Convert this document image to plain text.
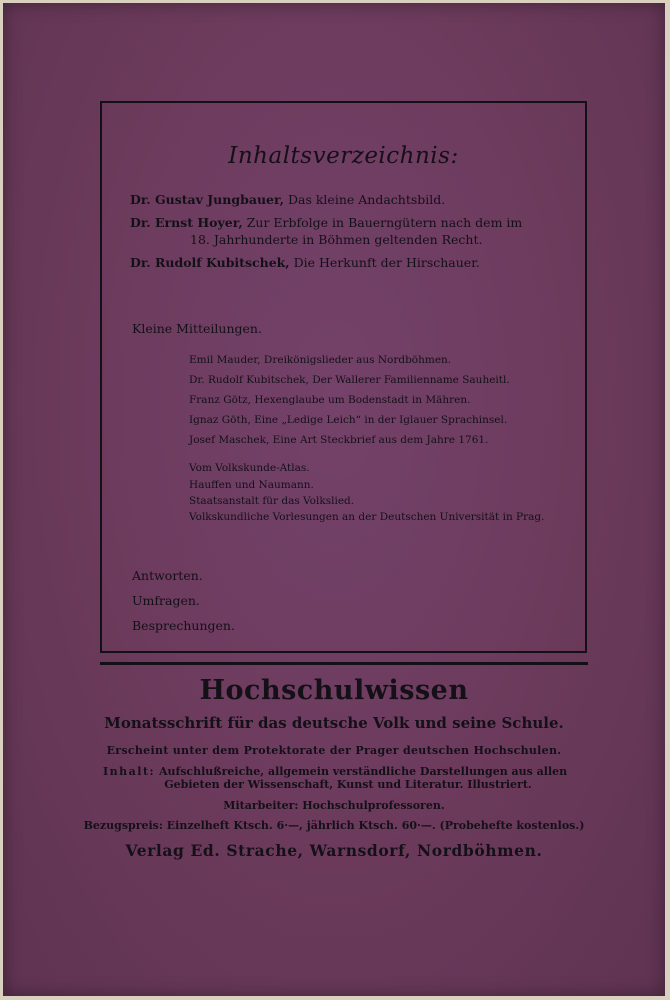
Inhaltsverzeichnis:
Dr. Gustav Jungbauer, Das kleine Andachtsbild.
Dr. Ernst Hoyer, Zur Erbfolge in Bauerngütern nach dem im
18. Jahrhunderte in Böhmen geltenden Recht.
Dr. Rudolf Kubitschek, Die Herkunft der Hirschauer.
Kleine Mitteilungen.
Emil Mauder, Dreikönigslieder aus Nordböhmen.
Dr. Rudolf Kubitschek, Der Wallerer Familienname Sauheitl.
Franz Götz, Hexenglaube um Bodenstadt in Mähren.
Ignaz Göth, Eine „Ledige Leich“ in der Iglauer Sprachinsel.
Josef Maschek, Eine Art Steckbrief aus dem Jahre 1761.
Vom Volkskunde-Atlas.
Hauffen und Naumann.
Staatsanstalt für das Volkslied.
Volkskundliche Vorlesungen an der Deutschen Universität in Prag.
Antworten.
Umfragen.
Besprechungen.
Hochschulwissen
Monatsschrift für das deutsche Volk und seine Schule.
Erscheint unter dem Protektorate der Prager deutschen Hochschulen.
Inhalt: Aufschlußreiche, allgemein verständliche Darstellungen aus allen
Gebieten der Wissenschaft, Kunst und Literatur. Illustriert.
Mitarbeiter: Hochschulprofessoren.
Bezugspreis: Einzelheft Ktsch. 6·—, jährlich Ktsch. 60·—. (Probehefte kostenlos.)
Verlag Ed. Strache, Warnsdorf, Nordböhmen.
